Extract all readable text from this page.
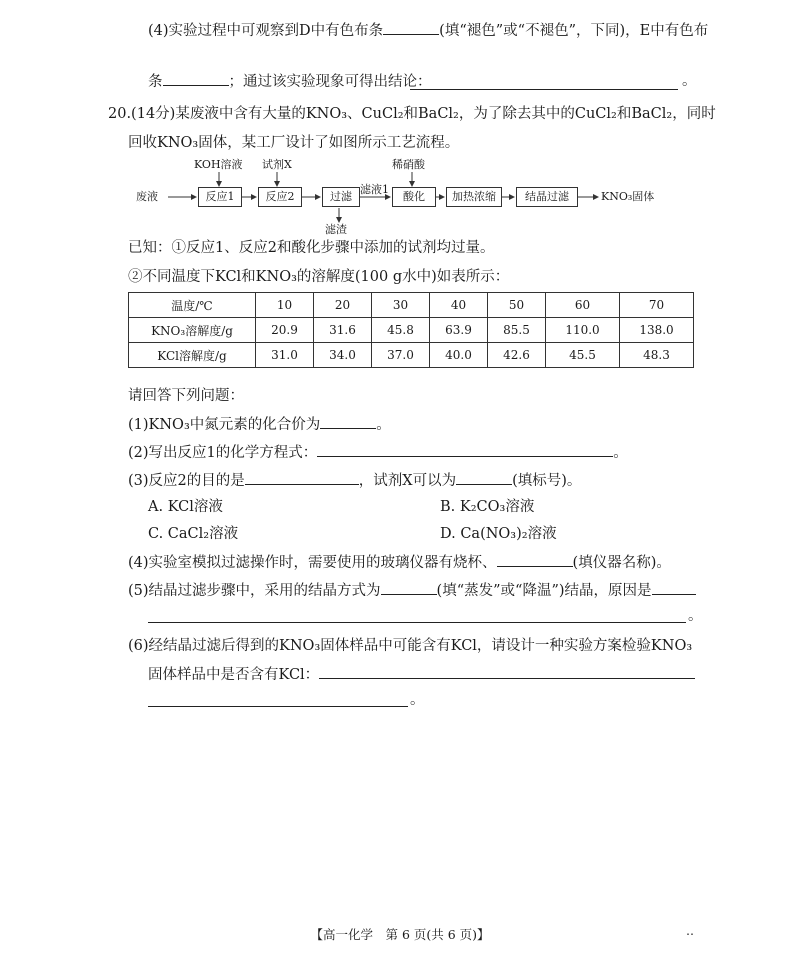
(4)实验过程中可观察到D中有色布条	(填“褪色”或“不褪色”，下同)，E中有色布
条	；通过该实验现象可得出结论：	。
20.(14分)某废液中含有大量的KNO₃、CuCl₂和BaCl₂，为了除去其中的CuCl₂和BaCl₂，同时
回收KNO₃固体，某工厂设计了如图所示工艺流程。
废液	反应1	反应2	过滤	酸化	加热浓缩	结晶过滤	KNO₃固体
KOH溶液 试剂X	稀硝酸
滤液1
滤渣
已知：①反应1、反应2和酸化步骤中添加的试剂均过量。
②不同温度下KCl和KNO₃的溶解度(100 g水中)如表所示：
温度/℃	10	20	30	40	50	60	70
KNO₃溶解度/g	20.9	31.6	45.8	63.9	85.5	110.0	138.0
KCl溶解度/g	31.0	34.0	37.0	40.0	42.6	45.5	48.3
请回答下列问题：
(1)KNO₃中氮元素的化合价为	。
(2)写出反应1的化学方程式：	。
(3)反应2的目的是	，试剂X可以为	(填标号)。
A. KCl溶液	B. K₂CO₃溶液
C. CaCl₂溶液	D. Ca(NO₃)₂溶液
(4)实验室模拟过滤操作时，需要使用的玻璃仪器有烧杯、	(填仪器名称)。
(5)结晶过滤步骤中，采用的结晶方式为	(填“蒸发”或“降温”)结晶，原因是
。
(6)经结晶过滤后得到的KNO₃固体样品中可能含有KCl，请设计一种实验方案检验KNO₃
固体样品中是否含有KCl：
。
【高一化学　第 6 页(共 6 页)】	‥
